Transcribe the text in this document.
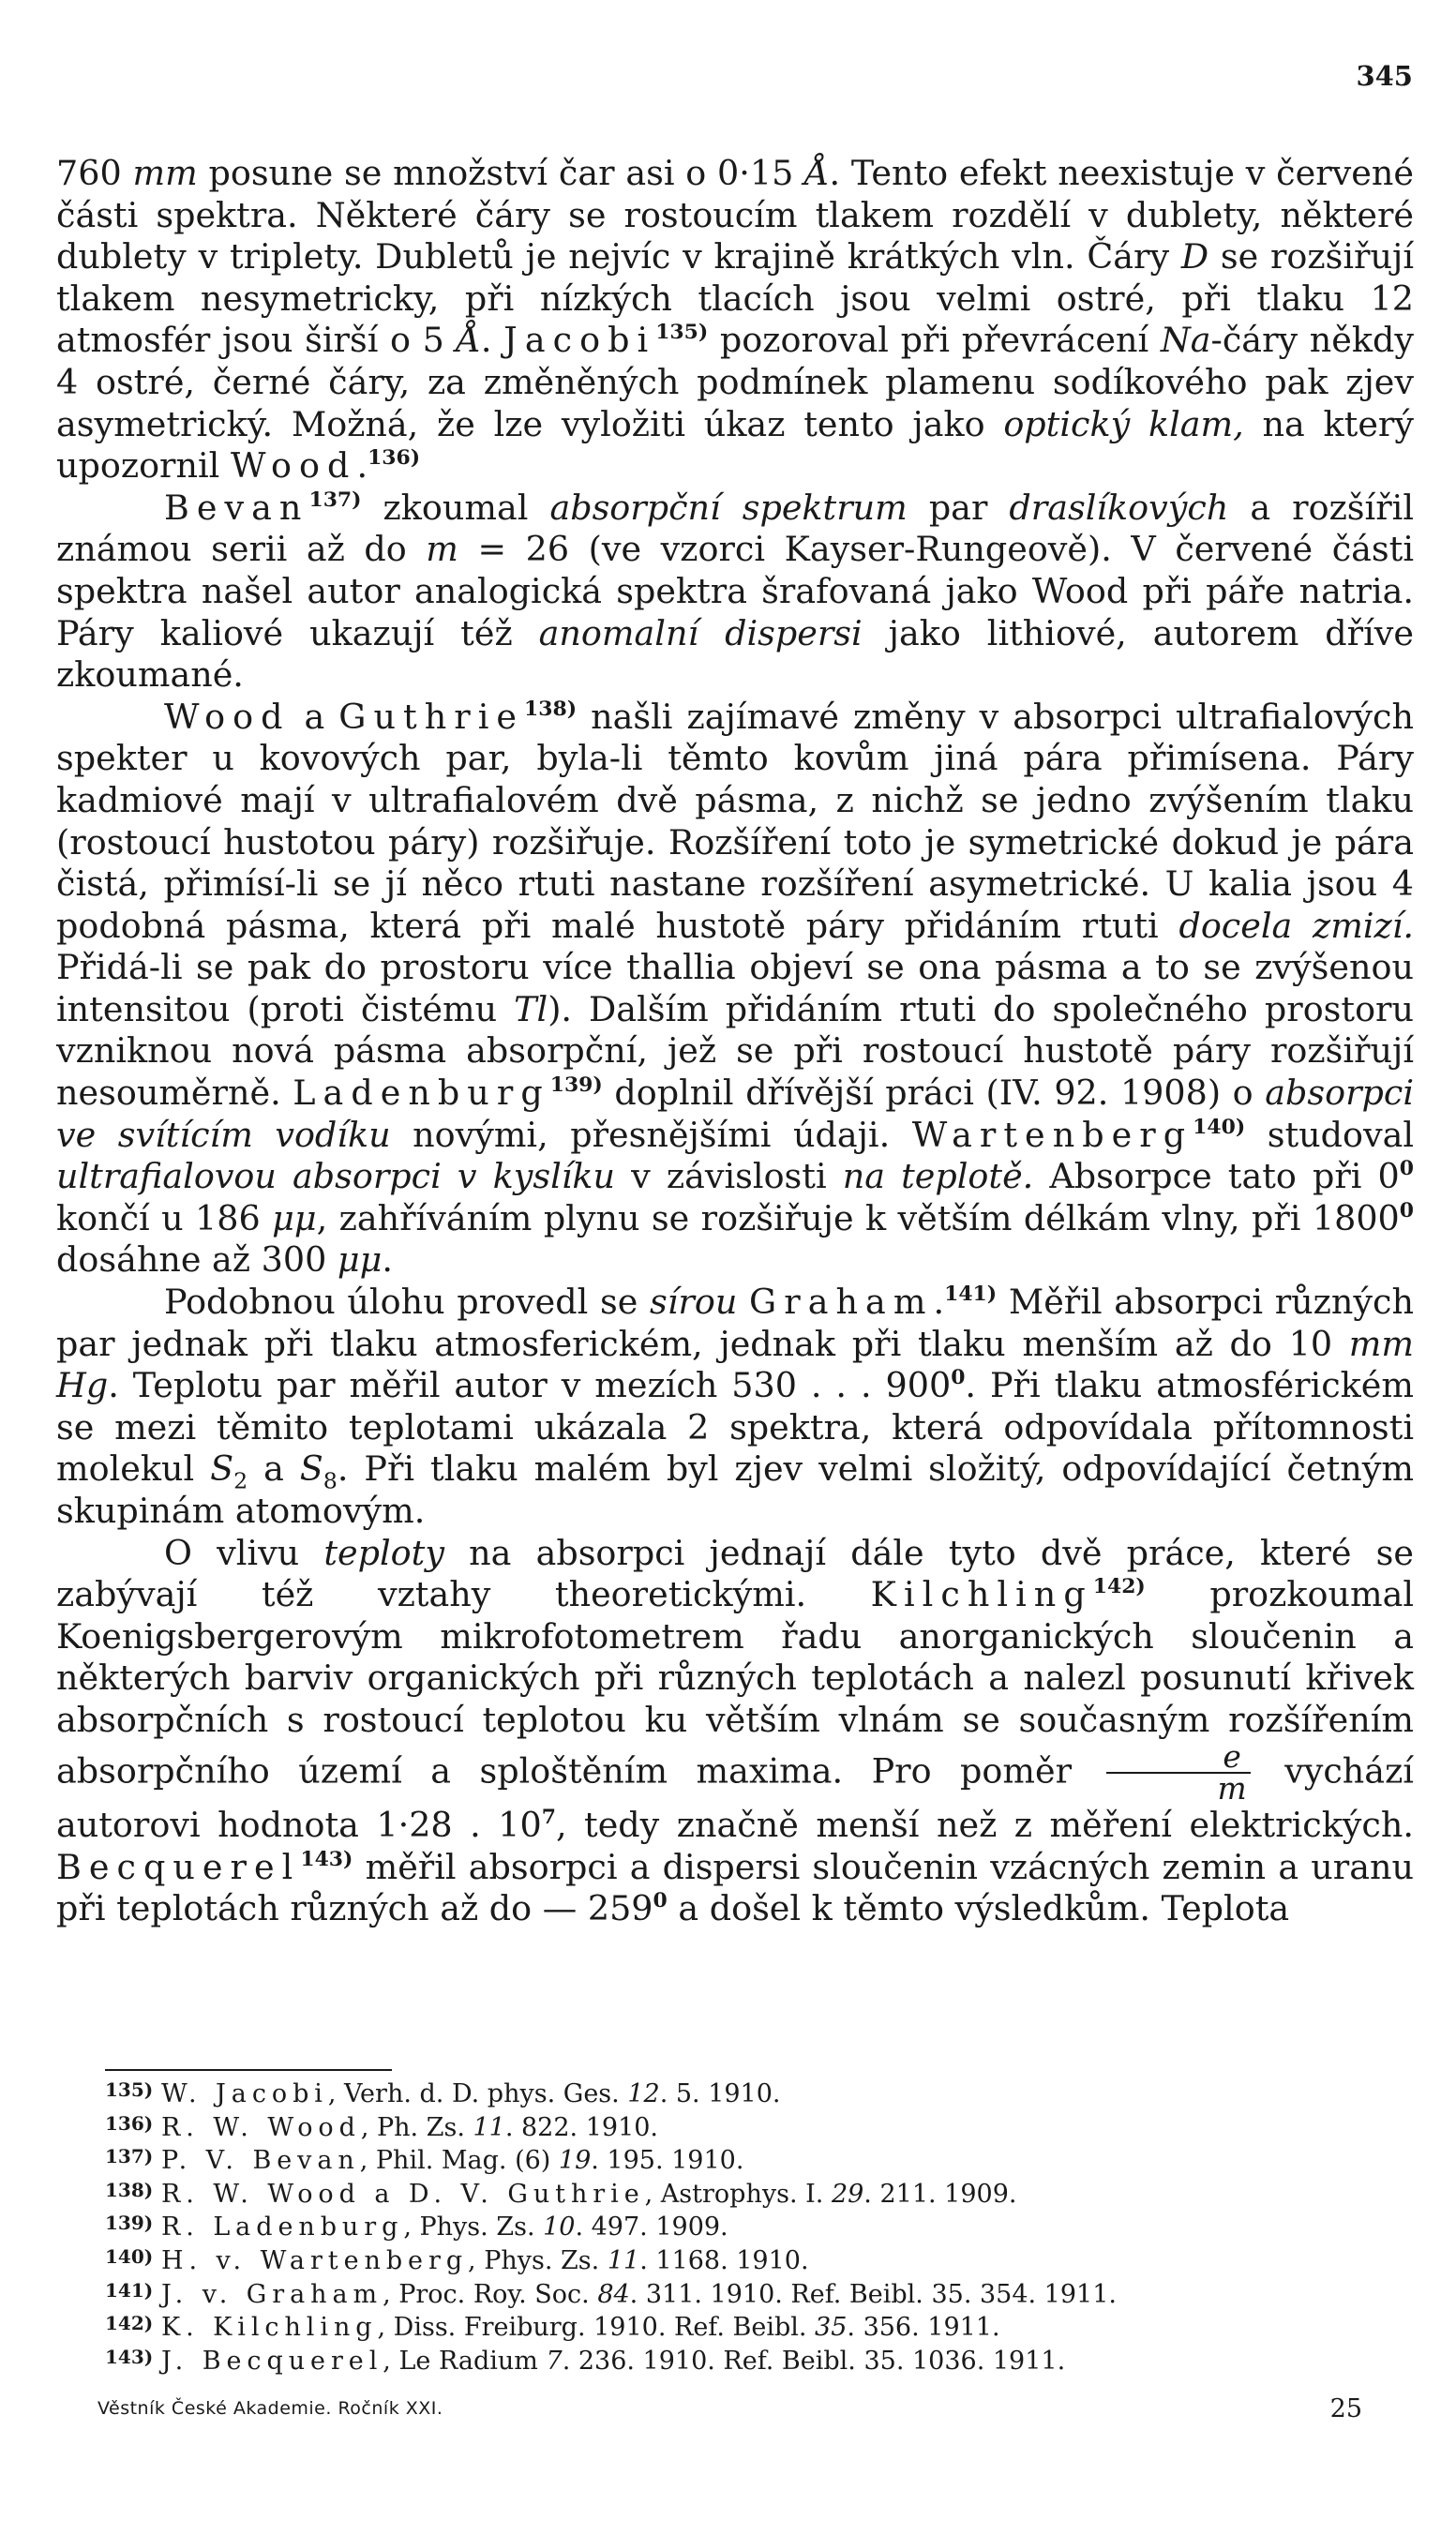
345

760 mm posune se množství čar asi o 0·15 Å. Tento efekt neexistuje v červené části spektra. Některé čáry se rostoucím tlakem rozdělí v dublety, některé dublety v triplety. Dubletů je nejvíc v krajině krátkých vln. Čáry D se rozšiřují tlakem nesymetricky, při nízkých tlacích jsou velmi ostré, při tlaku 12 atmosfér jsou širší o 5 Å. Jacobi$^{135)}$ pozoroval při převrácení Na-čáry někdy 4 ostré, černé čáry, za změněných podmínek plamenu sodíkového pak zjev asymetrický. Možná, že lze vyložiti úkaz tento jako optický klam, na který upozornil Wood.$^{136)}$

Bevan$^{137)}$ zkoumal absorpční spektrum par draslíkových a rozšířil známou serii až do m = 26 (ve vzorci Kayser-Rungeově). V červené části spektra našel autor analogická spektra šrafovaná jako Wood při páře natria. Páry kaliové ukazují též anomalní dispersi jako lithiové, autorem dříve zkoumané.

Wood a Guthrie$^{138)}$ našli zajímavé změny v absorpci ultrafialových spekter u kovových par, byla-li těmto kovům jiná pára přimísena. Páry kadmiové mají v ultrafialovém dvě pásma, z nichž se jedno zvýšením tlaku (rostoucí hustotou páry) rozšiřuje. Rozšíření toto je symetrické dokud je pára čistá, přimísí-li se jí něco rtuti nastane rozšíření asymetrické. U kalia jsou 4 podobná pásma, která při malé hustotě páry přidáním rtuti docela zmizí. Přidá-li se pak do prostoru více thallia objeví se ona pásma a to se zvýšenou intensitou (proti čistému Tl). Dalším přidáním rtuti do společného prostoru vzniknou nová pásma absorpční, jež se při rostoucí hustotě páry rozšiřují nesouměrně. Ladenburg$^{139)}$ doplnil dřívější práci (IV. 92. 1908) o absorpci ve svítícím vodíku novými, přesnějšími údaji. Wartenberg$^{140)}$ studoval ultrafialovou absorpci v kyslíku v závislosti na teplotě. Absorpce tato při $0^0$ končí u 186 μμ, zahříváním plynu se rozšiřuje k větším délkám vlny, při 1800$^0$ dosáhne až 300 μμ.

Podobnou úlohu provedl se sírou Graham.$^{141)}$ Měřil absorpci různých par jednak při tlaku atmosferickém, jednak při tlaku menším až do 10 mm Hg. Teplotu par měřil autor v mezích 530 . . . $900^0$. Při tlaku atmosférickém se mezi těmito teplotami ukázala 2 spektra, která odpovídala přítomnosti molekul $S_2$ a $S_8$. Při tlaku malém byl zjev velmi složitý, odpovídající četným skupinám atomovým.

O vlivu teploty na absorpci jednají dále tyto dvě práce, které se zabývají též vztahy theoretickými. Kilchling$^{142)}$ prozkoumal Koenigsbergerovým mikrofotometrem řadu anorganických sloučenin a některých barviv organických při různých teplotách a nalezl posunutí křivek absorpčních s rostoucí teplotou ku větším vlnám se současným rozšířením absorpčního území a sploštěním maxima. Pro poměr $\frac{e}{m}$ vychází autorovi hodnota 1·28 . $10^7$, tedy značně menší než z měření elektrických. Becquerel$^{143)}$ měřil absorpci a dispersi sloučenin vzácných zemin a uranu při teplotách různých až do — $259^0$ a došel k těmto výsledkům. Teplota

135) W. Jacobi, Verh. d. D. phys. Ges. 12. 5. 1910.
136) R. W. Wood, Ph. Zs. 11. 822. 1910.
137) P. V. Bevan, Phil. Mag. (6) 19. 195. 1910.
138) R. W. Wood a D. V. Guthrie, Astrophys. I. 29. 211. 1909.
139) R. Ladenburg, Phys. Zs. 10. 497. 1909.
140) H. v. Wartenberg, Phys. Zs. 11. 1168. 1910.
141) J. v. Graham, Proc. Roy. Soc. 84. 311. 1910. Ref. Beibl. 35. 354. 1911.
142) K. Kilchling, Diss. Freiburg. 1910. Ref. Beibl. 35. 356. 1911.
143) J. Becquerel, Le Radium 7. 236. 1910. Ref. Beibl. 35. 1036. 1911.
Věstník České Akademie. Ročník XXI.	25
